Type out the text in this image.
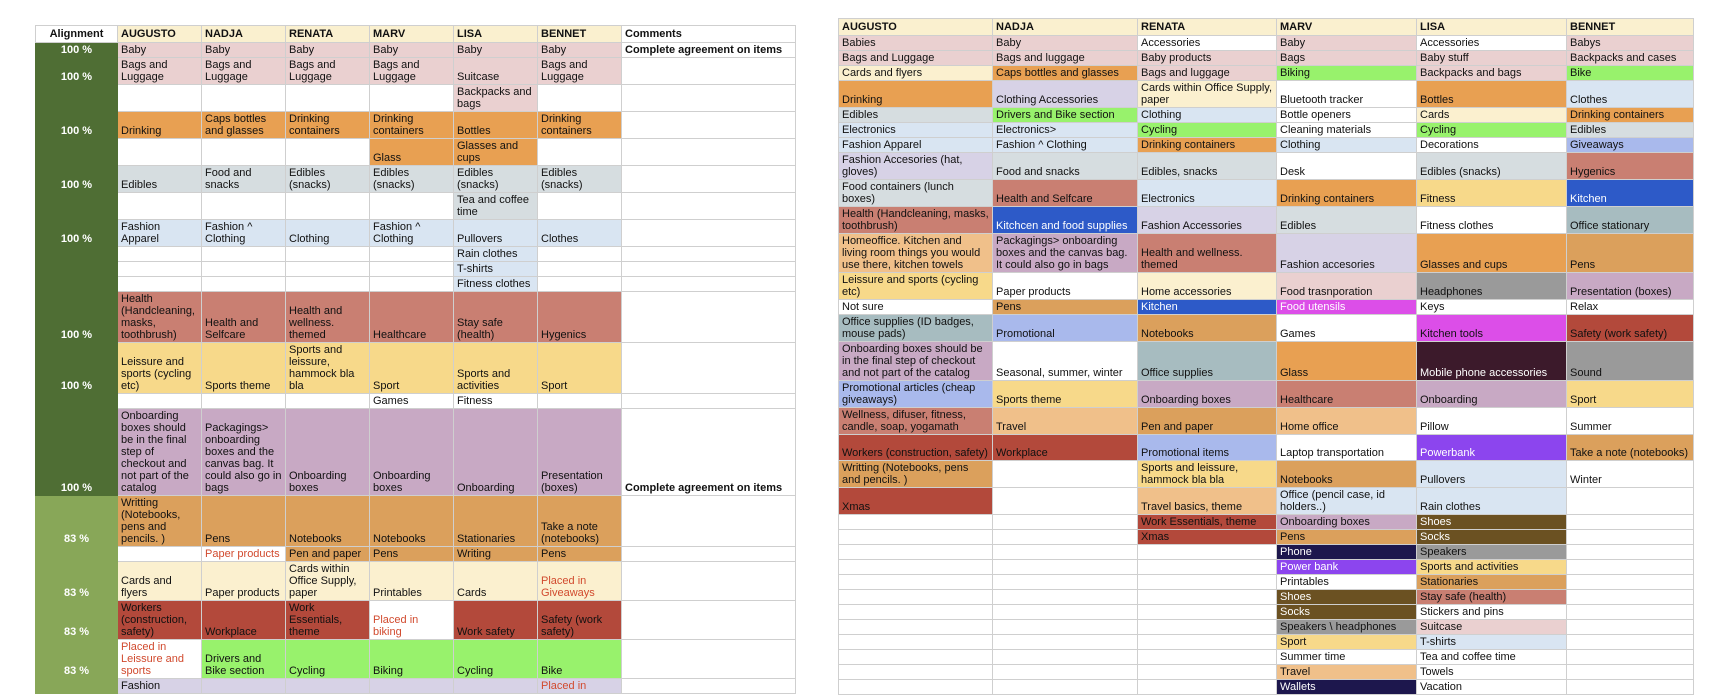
Alignment	AUGUSTO	NADJA	RENATA	MARV	LISA	BENNET	Comments
100 %	Baby	Baby	Baby	Baby	Baby	Baby	Complete agreement on items
100 %	Bags and Luggage	Bags and Luggage	Bags and Luggage	Bags and Luggage	Suitcase	Bags and Luggage	
					Backpacks and bags		
100 %	Drinking	Caps bottles and glasses	Drinking containers	Drinking containers	Bottles	Drinking containers	
				Glass	Glasses and cups		
100 %	Edibles	Food and snacks	Edibles (snacks)	Edibles (snacks)	Edibles (snacks)	Edibles (snacks)	
					Tea and coffee time		
100 %	Fashion Apparel	Fashion ^ Clothing	Clothing	Fashion ^ Clothing	Pullovers	Clothes	
					Rain clothes		
					T-shirts		
					Fitness clothes		
100 %	Health (Handcleaning, masks, toothbrush)	Health and Selfcare	Health and wellness. themed	Healthcare	Stay safe (health)	Hygenics	
100 %	Leissure and sports (cycling etc)	Sports theme	Sports and leissure, hammock bla bla	Sport	Sports and activities	Sport	
				Games	Fitness		
100 %	Onboarding boxes should be in the final step of checkout and not part of the catalog	Packagings> onboarding boxes and the canvas bag. It could also go in bags	Onboarding boxes	Onboarding boxes	Onboarding	Presentation (boxes)	Complete agreement on items
83 %	Writting (Notebooks, pens and pencils. )	Pens	Notebooks	Notebooks	Stationaries	Take a note (notebooks)	
		Paper products	Pen and paper	Pens	Writing	Pens	
83 %	Cards and flyers	Paper products	Cards within Office Supply, paper	Printables	Cards	Placed in Giveaways	
83 %	Workers (construction, safety)	Workplace	Work Essentials, theme	Placed in biking	Work safety	Safety (work safety)	
83 %	Placed in Leissure and sports	Drivers and Bike section	Cycling	Biking	Cycling	Bike	
	Fashion					Placed in	
AUGUSTO	NADJA	RENATA	MARV	LISA	BENNET
Babies	Baby	Accessories	Baby	Accessories	Babys
Bags and Luggage	Bags and luggage	Baby products	Bags	Baby stuff	Backpacks and cases
Cards and flyers	Caps bottles and glasses	Bags and luggage	Biking	Backpacks and bags	Bike
Drinking	Clothing Accessories	Cards within Office Supply, paper	Bluetooth tracker	Bottles	Clothes
Edibles	Drivers and Bike section	Clothing	Bottle openers	Cards	Drinking containers
Electronics	Electronics>	Cycling	Cleaning materials	Cycling	Edibles
Fashion Apparel	Fashion ^ Clothing	Drinking containers	Clothing	Decorations	Giveaways
Fashion Accesories (hat, gloves)	Food and snacks	Edibles, snacks	Desk	Edibles (snacks)	Hygenics
Food containers (lunch boxes)	Health and Selfcare	Electronics	Drinking containers	Fitness	Kitchen
Health (Handcleaning, masks, toothbrush)	Kitchcen and food supplies	Fashion Accessories	Edibles	Fitness clothes	Office stationary
Homeoffice. Kitchen and living room things you would use there, kitchen towels	Packagings> onboarding boxes and the canvas bag. It could also go in bags	Health and wellness. themed	Fashion accesories	Glasses and cups	Pens
Leissure and sports (cycling etc)	Paper products	Home accessories	Food trasnporation	Headphones	Presentation (boxes)
Not sure	Pens	Kitchen	Food utensils	Keys	Relax
Office supplies (ID badges, mouse pads)	Promotional	Notebooks	Games	Kitchen tools	Safety (work safety)
Onboarding boxes should be in the final step of checkout and not part of the catalog	Seasonal, summer, winter	Office supplies	Glass	Mobile phone accessories	Sound
Promotional articles (cheap giveaways)	Sports theme	Onboarding boxes	Healthcare	Onboarding	Sport
Wellness, difuser, fitness, candle, soap, yogamath	Travel	Pen and paper	Home office	Pillow	Summer
Workers (construction, safety)	Workplace	Promotional items	Laptop transportation	Powerbank	Take a note (notebooks)
Writting (Notebooks, pens and pencils. )		Sports and leissure, hammock bla bla	Notebooks	Pullovers	Winter
Xmas		Travel basics, theme	Office (pencil case, id holders..)	Rain clothes	
		Work Essentials, theme	Onboarding boxes	Shoes	
		Xmas	Pens	Socks	
			Phone	Speakers	
			Power bank	Sports and activities	
			Printables	Stationaries	
			Shoes	Stay safe (health)	
			Socks	Stickers and pins	
			Speakers \ headphones	Suitcase	
			Sport	T-shirts	
			Summer time	Tea and coffee time	
			Travel	Towels	
			Wallets	Vacation	
